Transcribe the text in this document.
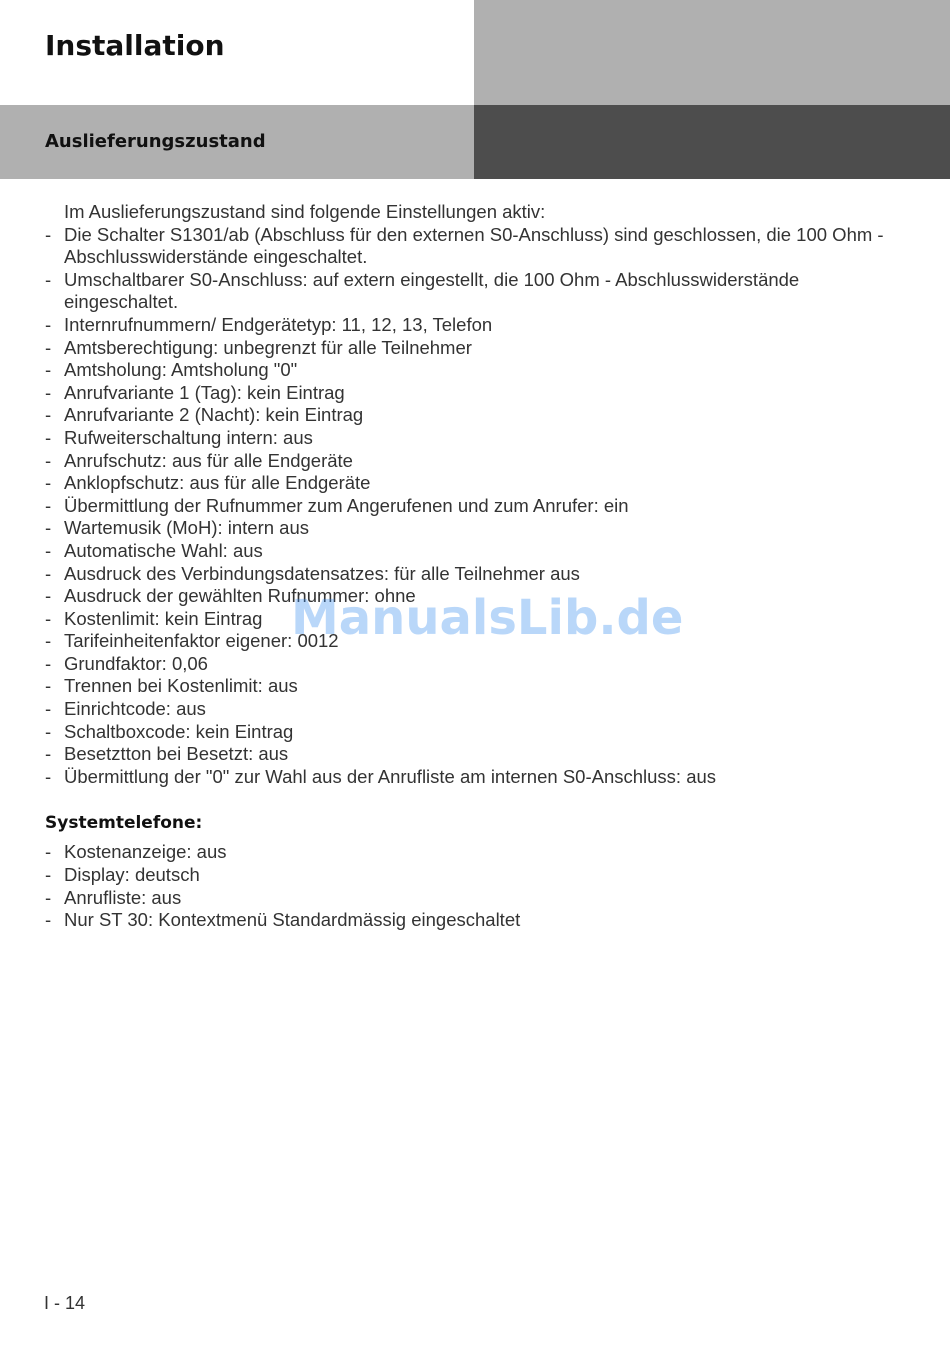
Installation
Auslieferungszustand

Im Auslieferungszustand sind folgende Einstellungen aktiv:

- Die Schalter S1301/ab (Abschluss für den externen S0-Anschluss) sind geschlossen, die 100 Ohm - Abschlusswiderstände eingeschaltet.
- Umschaltbarer S0-Anschluss: auf extern eingestellt, die 100 Ohm - Abschlusswiderstände eingeschaltet.
- Internrufnummern/ Endgerätetyp: 11, 12, 13, Telefon
- Amtsberechtigung: unbegrenzt für alle Teilnehmer
- Amtsholung: Amtsholung "0"
- Anrufvariante 1 (Tag): kein Eintrag
- Anrufvariante 2 (Nacht): kein Eintrag
- Rufweiterschaltung intern: aus
- Anrufschutz: aus für alle Endgeräte
- Anklopfschutz: aus für alle Endgeräte
- Übermittlung der Rufnummer zum Angerufenen und zum Anrufer: ein
- Wartemusik (MoH): intern aus
- Automatische Wahl: aus
- Ausdruck des Verbindungsdatensatzes: für alle Teilnehmer aus
- Ausdruck der gewählten Rufnummer: ohne
- Kostenlimit: kein Eintrag
- Tarifeinheitenfaktor eigener: 0012
- Grundfaktor: 0,06
- Trennen bei Kostenlimit: aus
- Einrichtcode: aus
- Schaltboxcode: kein Eintrag
- Besetztton bei Besetzt: aus
- Übermittlung der "0" zur Wahl aus der Anrufliste am internen S0-Anschluss: aus
Systemtelefone:
- Kostenanzeige: aus
- Display: deutsch
- Anrufliste: aus
- Nur ST 30: Kontextmenü Standardmässig eingeschaltet
ManualsLib.de
I - 14
